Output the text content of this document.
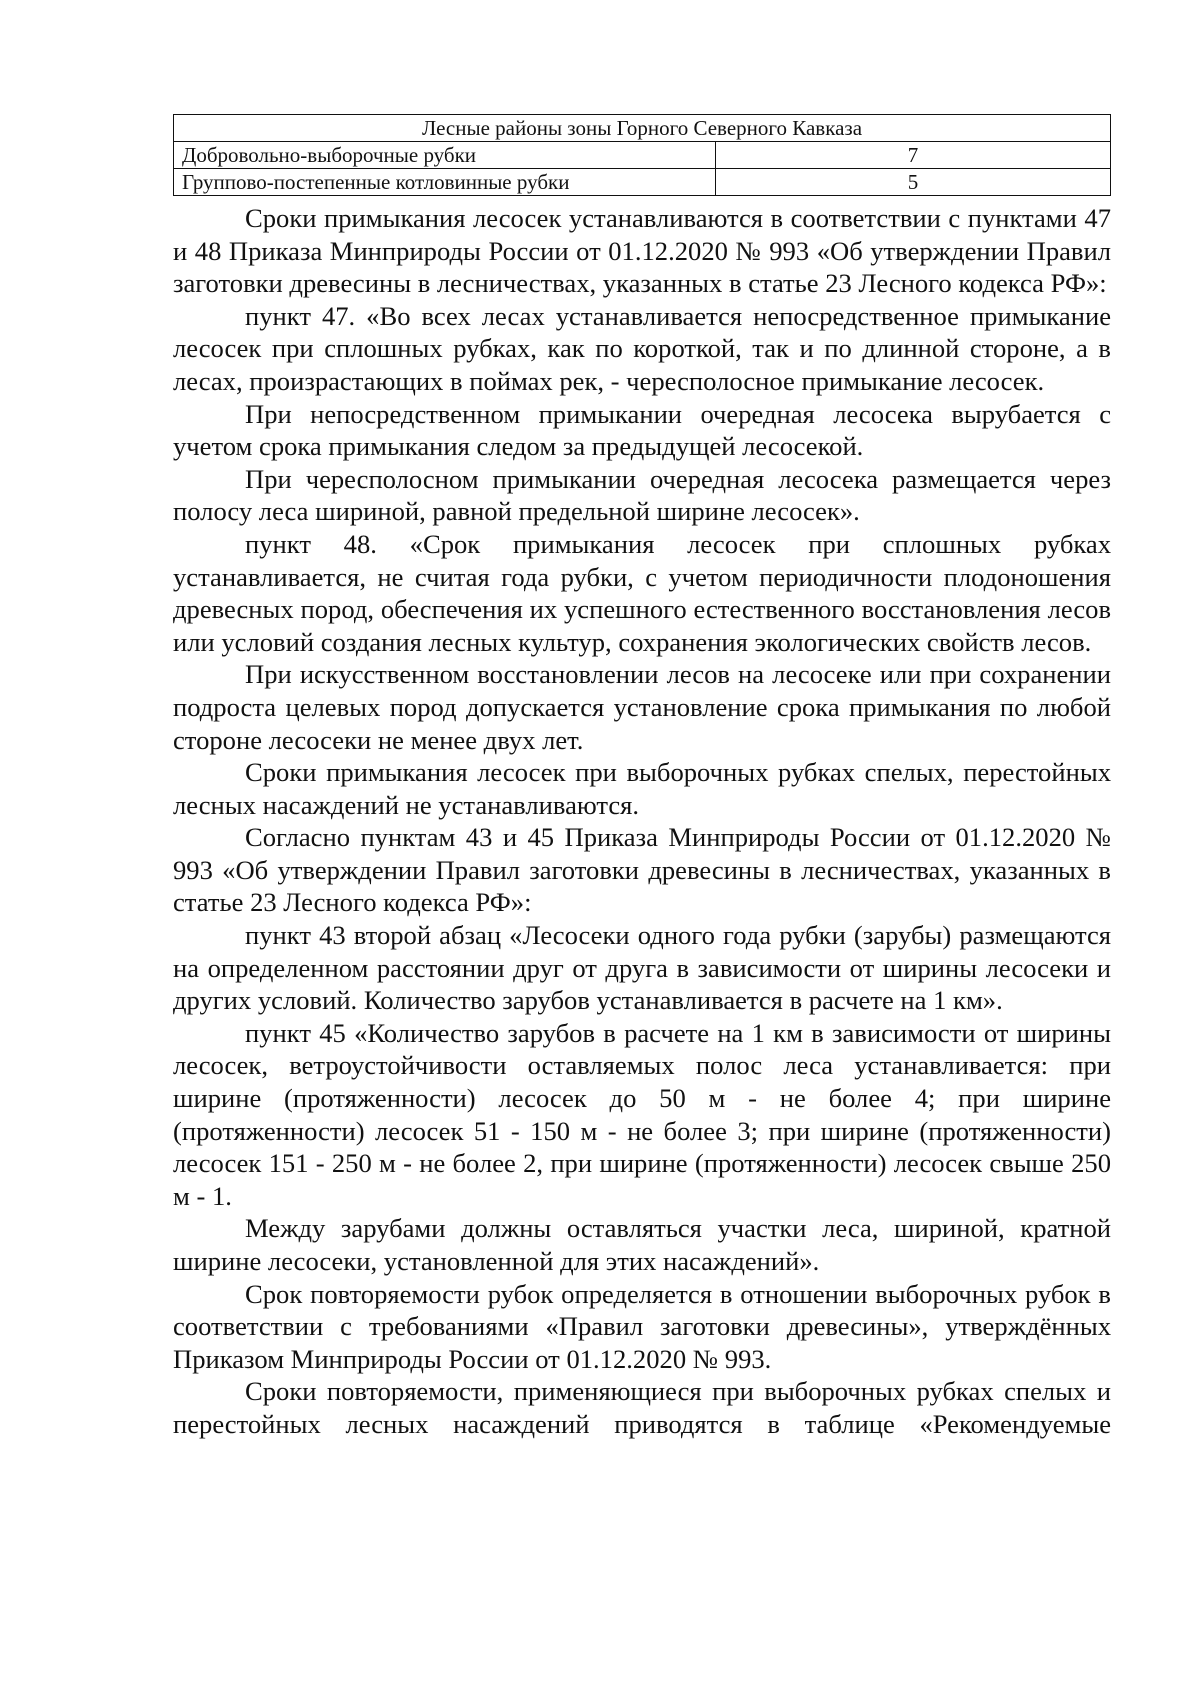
Лесные районы зоны Горного Северного Кавказа	
Добровольно-выборочные рубки	7
Группово-постепенные котловинные рубки	5

Сроки примыкания лесосек устанавливаются в соответствии с пунктами 47 и 48 Приказа Минприроды России от 01.12.2020 № 993 «Об утверждении Правил заготовки древесины в лесничествах, указанных в статье 23 Лесного кодекса РФ»:

пункт 47. «Во всех лесах устанавливается непосредственное примыкание лесосек при сплошных рубках, как по короткой, так и по длинной стороне, а в лесах, произрастающих в поймах рек, - чересполосное примыкание лесосек.

При непосредственном примыкании очередная лесосека вырубается с учетом срока примыкания следом за предыдущей лесосекой.

При чересполосном примыкании очередная лесосека размещается через полосу леса шириной, равной предельной ширине лесосек».

пункт 48. «Срок примыкания лесосек при сплошных рубках устанавливается, не считая года рубки, с учетом периодичности плодоношения древесных пород, обеспечения их успешного естественного восстановления лесов или условий создания лесных культур, сохранения экологических свойств лесов.

При искусственном восстановлении лесов на лесосеке или при сохранении подроста целевых пород допускается установление срока примыкания по любой стороне лесосеки не менее двух лет.

Сроки примыкания лесосек при выборочных рубках спелых, перестойных лесных насаждений не устанавливаются.

Согласно пунктам 43 и 45 Приказа Минприроды России от 01.12.2020 № 993 «Об утверждении Правил заготовки древесины в лесничествах, указанных в статье 23 Лесного кодекса РФ»:

пункт 43 второй абзац «Лесосеки одного года рубки (зарубы) размещаются на определенном расстоянии друг от друга в зависимости от ширины лесосеки и других условий. Количество зарубов устанавливается в расчете на 1 км».

пункт 45 «Количество зарубов в расчете на 1 км в зависимости от ширины лесосек, ветроустойчивости оставляемых полос леса устанавливается: при ширине (протяженности) лесосек до 50 м - не более 4; при ширине (протяженности) лесосек 51 - 150 м - не более 3; при ширине (протяженности) лесосек 151 - 250 м - не более 2, при ширине (протяженности) лесосек свыше 250 м - 1.

Между зарубами должны оставляться участки леса, шириной, кратной ширине лесосеки, установленной для этих насаждений».

Срок повторяемости рубок определяется в отношении выборочных рубок в соответствии с требованиями «Правил заготовки древесины», утверждённых Приказом Минприроды России от 01.12.2020 № 993.

Сроки повторяемости, применяющиеся при выборочных рубках спелых и перестойных лесных насаждений приводятся в таблице «Рекомендуемые
